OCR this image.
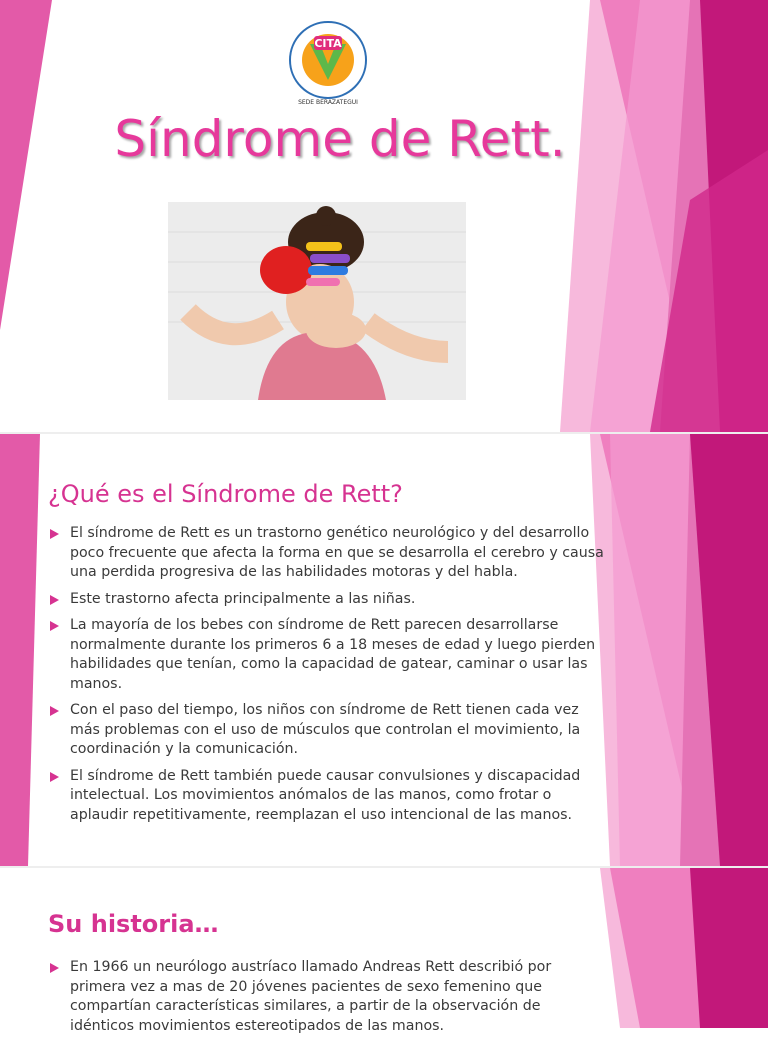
CITA
SEDE BERAZATEGUI
Síndrome de Rett.
¿Qué es el Síndrome de Rett?
El síndrome de Rett es un trastorno genético neurológico y del desarrollo poco frecuente que afecta la forma en que se desarrolla el cerebro y causa una perdida progresiva de las habilidades motoras y del habla.
Este trastorno afecta principalmente a las niñas.
La mayoría de los bebes con síndrome de Rett parecen desarrollarse normalmente durante los primeros 6 a 18 meses de edad y luego pierden habilidades que tenían, como la capacidad de gatear, caminar o usar las manos.
Con el paso del tiempo, los niños con síndrome de Rett tienen cada vez más problemas con el uso de músculos que controlan el movimiento, la coordinación y la comunicación.
El síndrome de Rett también puede causar convulsiones y discapacidad intelectual. Los movimientos anómalos de las manos, como frotar o aplaudir repetitivamente, reemplazan el uso intencional de las manos.
Su historia…
En 1966 un neurólogo austríaco llamado Andreas Rett describió por primera vez a mas de 20 jóvenes pacientes de sexo femenino que compartían características similares, a partir de la observación de idénticos movimientos estereotipados de las manos.
